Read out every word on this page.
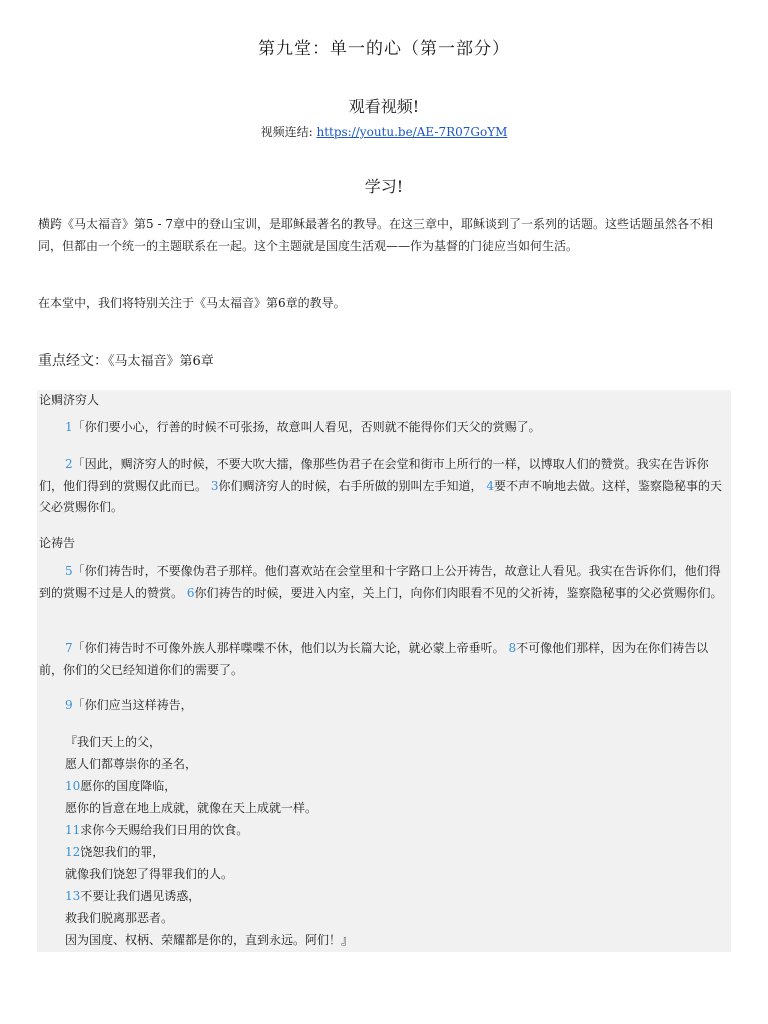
第九堂：单一的心（第一部分）
观看视频!
视频连结: https://youtu.be/AE-7R07GoYM
学习!
横跨《马太福音》第5 - 7章中的登山宝训，是耶稣最著名的教导。在这三章中，耶稣谈到了一系列的话题。这些话题虽然各不相同，但都由一个统一的主题联系在一起。这个主题就是国度生活观——作为基督的门徒应当如何生活。
在本堂中，我们将特别关注于《马太福音》第6章的教导。
重点经文：《马太福音》第6章
论赒济穷人
1「你们要小心，行善的时候不可张扬，故意叫人看见，否则就不能得你们天父的赏赐了。
2「因此，赒济穷人的时候，不要大吹大擂，像那些伪君子在会堂和街市上所行的一样，以博取人们的赞赏。我实在告诉你们，他们得到的赏赐仅此而已。 3你们赒济穷人的时候，右手所做的别叫左手知道， 4要不声不响地去做。这样，鉴察隐秘事的天父必赏赐你们。
论祷告
5「你们祷告时，不要像伪君子那样。他们喜欢站在会堂里和十字路口上公开祷告，故意让人看见。我实在告诉你们，他们得到的赏赐不过是人的赞赏。 6你们祷告的时候，要进入内室，关上门，向你们肉眼看不见的父祈祷，鉴察隐秘事的父必赏赐你们。
7「你们祷告时不可像外族人那样喋喋不休，他们以为长篇大论，就必蒙上帝垂听。 8不可像他们那样，因为在你们祷告以前，你们的父已经知道你们的需要了。
9「你们应当这样祷告，
『我们天上的父，
愿人们都尊崇你的圣名，
10愿你的国度降临，
愿你的旨意在地上成就，就像在天上成就一样。
11求你今天赐给我们日用的饮食。
12饶恕我们的罪，
就像我们饶恕了得罪我们的人。
13不要让我们遇见诱惑，
救我们脱离那恶者。
因为国度、权柄、荣耀都是你的，直到永远。阿们！』
